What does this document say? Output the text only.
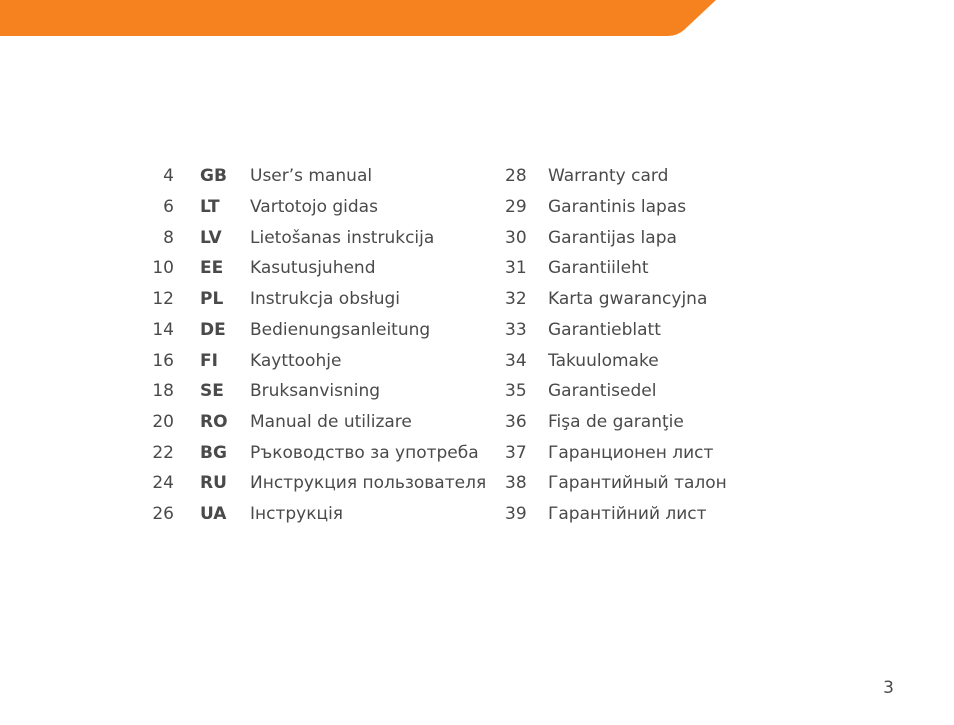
4 GB User’s manual	28 Warranty card
6 LT Vartotojo gidas	29 Garantinis lapas
8 LV Lietošanas instrukcija	30 Garantijas lapa
10 EE Kasutusjuhend	31 Garantiileht
12 PL Instrukcja obsługi	32 Karta gwarancyjna
14 DE Bedienungsanleitung	33 Garantieblatt
16 FI Kayttoohje	34 Takuulomake
18 SE Bruksanvisning	35 Garantisedel
20 RO Manual de utilizare	36 Fişa de garanţie
22 BG Ръководство за употреба 37 Гаранционен лист
24 RU Инструкция пользователя 38 Гарантийный талон
26 UA Інструкція	39 Гарантійний лист
3
